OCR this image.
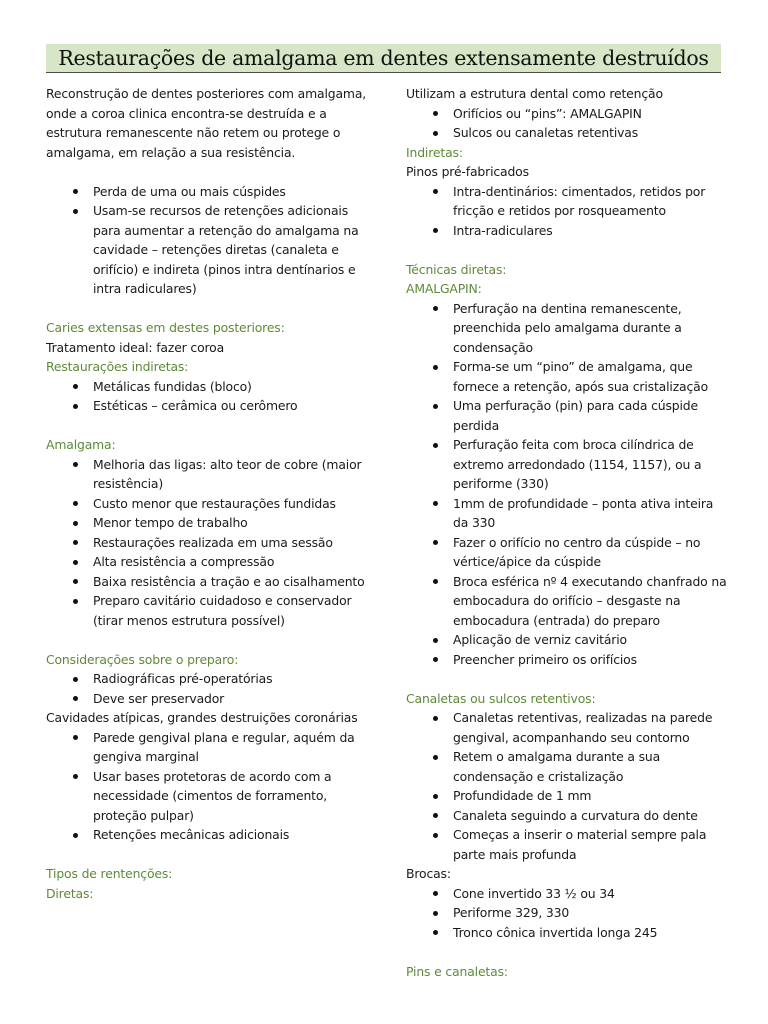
Restaurações de amalgama em dentes extensamente destruídos

Reconstrução de dentes posteriores com amalgama, onde a coroa clinica encontra-se destruída e a estrutura remanescente não retem ou protege o amalgama, em relação a sua resistência.

Perda de uma ou mais cúspides
Usam-se recursos de retenções adicionais para aumentar a retenção do amalgama na cavidade – retenções diretas (canaleta e orifício) e indireta (pinos intra dentínarios e intra radiculares)

Caries extensas em destes posteriores:

Tratamento ideal: fazer coroa

Restaurações indiretas:

Metálicas fundidas (bloco)
Estéticas – cerâmica ou cerômero

Amalgama:

Melhoria das ligas: alto teor de cobre (maior resistência)
Custo menor que restaurações fundidas
Menor tempo de trabalho
Restaurações realizada em uma sessão
Alta resistência a compressão
Baixa resistência a tração e ao cisalhamento
Preparo cavitário cuidadoso e conservador (tirar menos estrutura possível)

Considerações sobre o preparo:

Radiográficas pré-operatórias
Deve ser preservador

Cavidades atípicas, grandes destruições coronárias

Parede gengival plana e regular, aquém da gengiva marginal
Usar bases protetoras de acordo com a necessidade (cimentos de forramento, proteção pulpar)
Retenções mecânicas adicionais

Tipos de rentenções:

Diretas:

Utilizam a estrutura dental como retenção

Orifícios ou “pins”: AMALGAPIN
Sulcos ou canaletas retentivas

Indiretas:

Pinos pré-fabricados

Intra-dentinários: cimentados, retidos por fricção e retidos por rosqueamento
Intra-radiculares

Técnicas diretas:

AMALGAPIN:

Perfuração na dentina remanescente, preenchida pelo amalgama durante a condensação
Forma-se um “pino” de amalgama, que fornece a retenção, após sua cristalização
Uma perfuração (pin) para cada cúspide perdida
Perfuração feita com broca cilíndrica de extremo arredondado (1154, 1157), ou a periforme (330)
1mm de profundidade – ponta ativa inteira da 330
Fazer o orifício no centro da cúspide – no vértice/ápice da cúspide
Broca esférica nº 4 executando chanfrado na embocadura do orifício – desgaste na embocadura (entrada) do preparo
Aplicação de verniz cavitário
Preencher primeiro os orifícios

Canaletas ou sulcos retentivos:

Canaletas retentivas, realizadas na parede gengival, acompanhando seu contorno
Retem o amalgama durante a sua condensação e cristalização
Profundidade de 1 mm
Canaleta seguindo a curvatura do dente
Começas a inserir o material sempre pala parte mais profunda

Brocas:

Cone invertido 33 ½ ou 34
Periforme 329, 330
Tronco cônica invertida longa 245

Pins e canaletas:
